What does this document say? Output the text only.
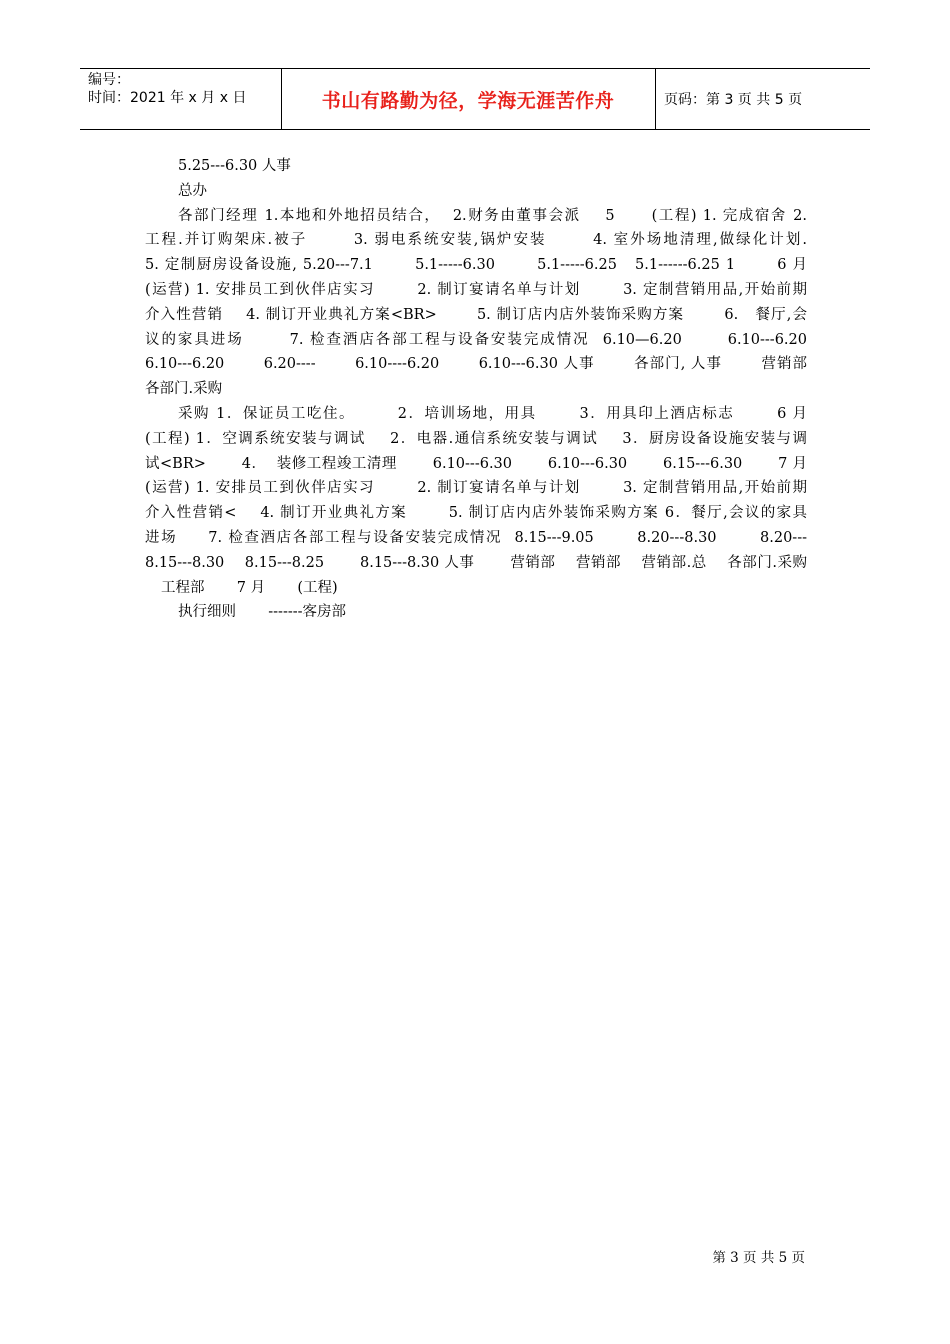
编号：
时间：2021 年 x 月 x 日	书山有路勤为径，学海无涯苦作舟	页码：第 3 页 共 5 页
5.25---6.30 人事
总办
各部门经理 1.本地和外地招员结合，  2.财务由董事会派    5      (工程) 1. 完成宿舍 2.
工程.并订购架床.被子       3. 弱电系统安装,锅炉安装       4. 室外场地清理,做绿化计划.
5. 定制厨房设备设施, 5.20---7.1       5.1-----6.30       5.1-----6.25   5.1------6.25 1       6 月
(运营) 1. 安排员工到伙伴店实习       2. 制订宴请名单与计划       3. 定制营销用品,开始前期
介入性营销    4. 制订开业典礼方案<BR>       5. 制订店内店外装饰采购方案       6.   餐厅,会
议的家具进场       7. 检查酒店各部工程与设备安装完成情况  6.10—6.20       6.10---6.20
6.10---6.20       6.20----       6.10----6.20       6.10---6.30 人事       各部门, 人事       营销部
各部门.采购
采购 1．保证员工吃住。       2．培训场地，用具       3．用具印上酒店标志       6 月
(工程) 1．空调系统安装与调试    2．电器.通信系统安装与调试    3．厨房设备设施安装与调
试<BR>       4．  装修工程竣工清理       6.10---6.30       6.10---6.30       6.15---6.30       7 月
(运营) 1. 安排员工到伙伴店实习       2. 制订宴请名单与计划       3. 定制营销用品,开始前期
介入性营销<    4. 制订开业典礼方案       5. 制订店内店外装饰采购方案 6．餐厅,会议的家具
进场     7. 检查酒店各部工程与设备安装完成情况  8.15---9.05       8.20---8.30       8.20---
8.15---8.30    8.15---8.25       8.15---8.30 人事       营销部    营销部    营销部.总    各部门.采购
工程部       7 月       (工程)
执行细则       -------客房部
第 3 页 共 5 页
